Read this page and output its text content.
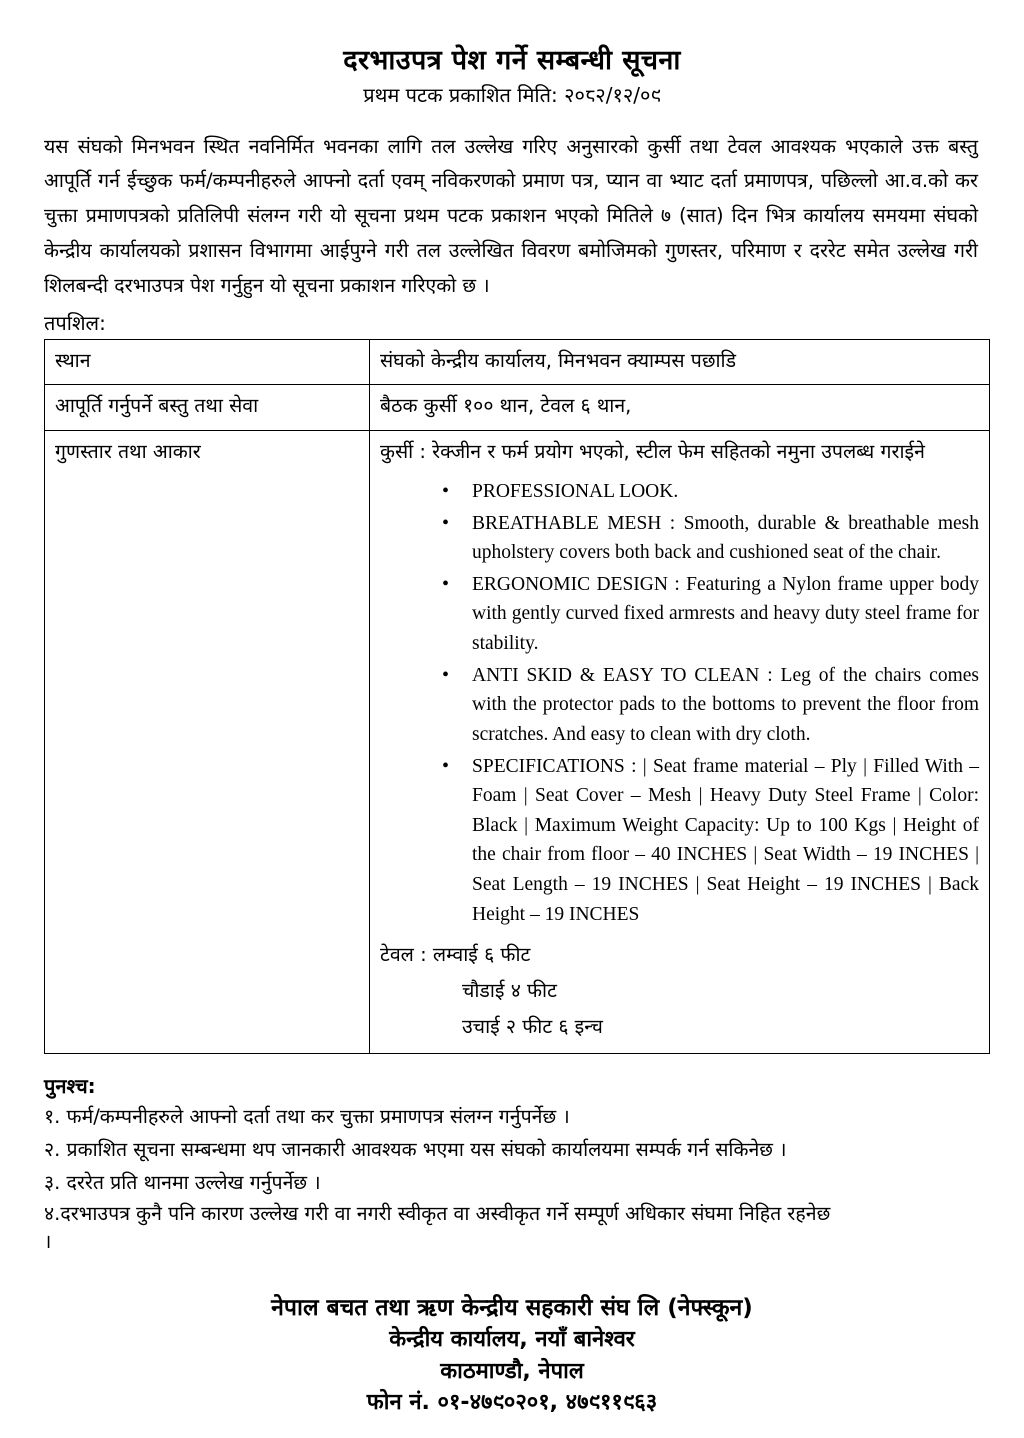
दरभाउपत्र पेश गर्ने सम्बन्धी सूचना
प्रथम पटक प्रकाशित मिति: २०८२/१२/०९

यस संघको मिनभवन स्थित नवनिर्मित भवनका लागि तल उल्लेख गरिए अनुसारको कुर्सी तथा टेवल आवश्यक भएकाले उक्त बस्तु आपूर्ति गर्न ईच्छुक फर्म/कम्पनीहरुले आफ्नो दर्ता एवम् नविकरणको प्रमाण पत्र, प्यान वा भ्याट दर्ता प्रमाणपत्र, पछिल्लो आ.व.को कर चुक्ता प्रमाणपत्रको प्रतिलिपी संलग्न गरी यो सूचना प्रथम पटक प्रकाशन भएको मितिले ७ (सात) दिन भित्र कार्यालय समयमा संघको केन्द्रीय कार्यालयको प्रशासन विभागमा आईपुग्ने गरी तल उल्लेखित विवरण बमोजिमको गुणस्तर, परिमाण र दररेट समेत उल्लेख गरी शिलबन्दी दरभाउपत्र पेश गर्नुहुन यो सूचना प्रकाशन गरिएको छ ।

तपशिल:
स्थान	संघको केन्द्रीय कार्यालय, मिनभवन क्याम्पस पछाडि
आपूर्ति गर्नुपर्ने बस्तु तथा सेवा	बैठक कुर्सी १०० थान, टेवल ६ थान,
गुणस्तार तथा आकार	कुर्सी : रेक्जीन र फर्म प्रयोग भएको, स्टील फेम सहितको नमुना उपलब्ध गराईने
• PROFESSIONAL LOOK.
• BREATHABLE MESH : Smooth, durable & breathable mesh upholstery covers both back and cushioned seat of the chair.
• ERGONOMIC DESIGN : Featuring a Nylon frame upper body with gently curved fixed armrests and heavy duty steel frame for stability.
• ANTI SKID & EASY TO CLEAN : Leg of the chairs comes with the protector pads to the bottoms to prevent the floor from scratches. And easy to clean with dry cloth.
• SPECIFICATIONS : | Seat frame material – Ply | Filled With – Foam | Seat Cover – Mesh | Heavy Duty Steel Frame | Color: Black | Maximum Weight Capacity: Up to 100 Kgs | Height of the chair from floor – 40 INCHES | Seat Width – 19 INCHES | Seat Length – 19 INCHES | Seat Height – 19 INCHES | Back Height – 19 INCHES
टेवल : लम्वाई ६ फीट
चौडाई ४ फीट
उचाई २ फीट ६ इन्च
पुनश्च:
१. फर्म/कम्पनीहरुले आफ्नो दर्ता तथा कर चुक्ता प्रमाणपत्र संलग्न गर्नुपर्नेछ ।
२. प्रकाशित सूचना सम्बन्धमा थप जानकारी आवश्यक भएमा यस संघको कार्यालयमा सम्पर्क गर्न सकिनेछ ।
३. दररेत प्रति थानमा उल्लेख गर्नुपर्नेछ ।
४.दरभाउपत्र कुनै पनि कारण उल्लेख गरी वा नगरी स्वीकृत वा अस्वीकृत गर्ने सम्पूर्ण अधिकार संघमा निहित रहनेछ
।
नेपाल बचत तथा ऋण केन्द्रीय सहकारी संघ लि (नेफ्स्कून)
केन्द्रीय कार्यालय, नयाँ बानेश्वर
काठमाण्डौ, नेपाल
फोन नं. ०१-४७९०२०१, ४७९११९६३
